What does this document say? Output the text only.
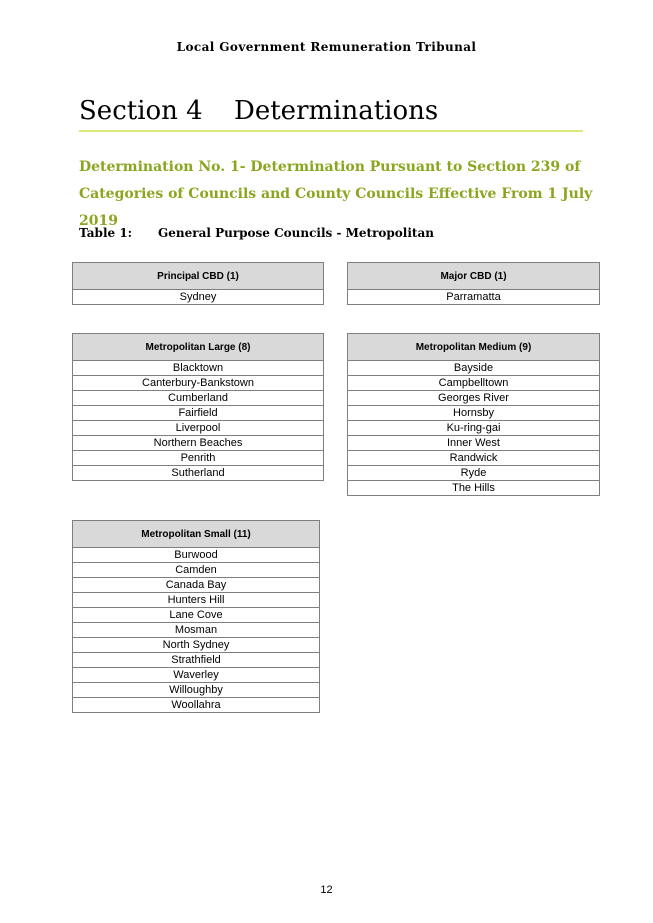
Local Government Remuneration Tribunal
Section 4 Determinations
Determination No. 1- Determination Pursuant to Section 239 of
Categories of Councils and County Councils Effective From 1 July 2019
Table 1: General Purpose Councils - Metropolitan
Principal CBD (1)
Sydney
Major CBD (1)
Parramatta
Metropolitan Large (8)
Blacktown
Canterbury-Bankstown
Cumberland
Fairfield
Liverpool
Northern Beaches
Penrith
Sutherland
Metropolitan Medium (9)
Bayside
Campbelltown
Georges River
Hornsby
Ku-ring-gai
Inner West
Randwick
Ryde
The Hills
Metropolitan Small (11)
Burwood
Camden
Canada Bay
Hunters Hill
Lane Cove
Mosman
North Sydney
Strathfield
Waverley
Willoughby
Woollahra
12
